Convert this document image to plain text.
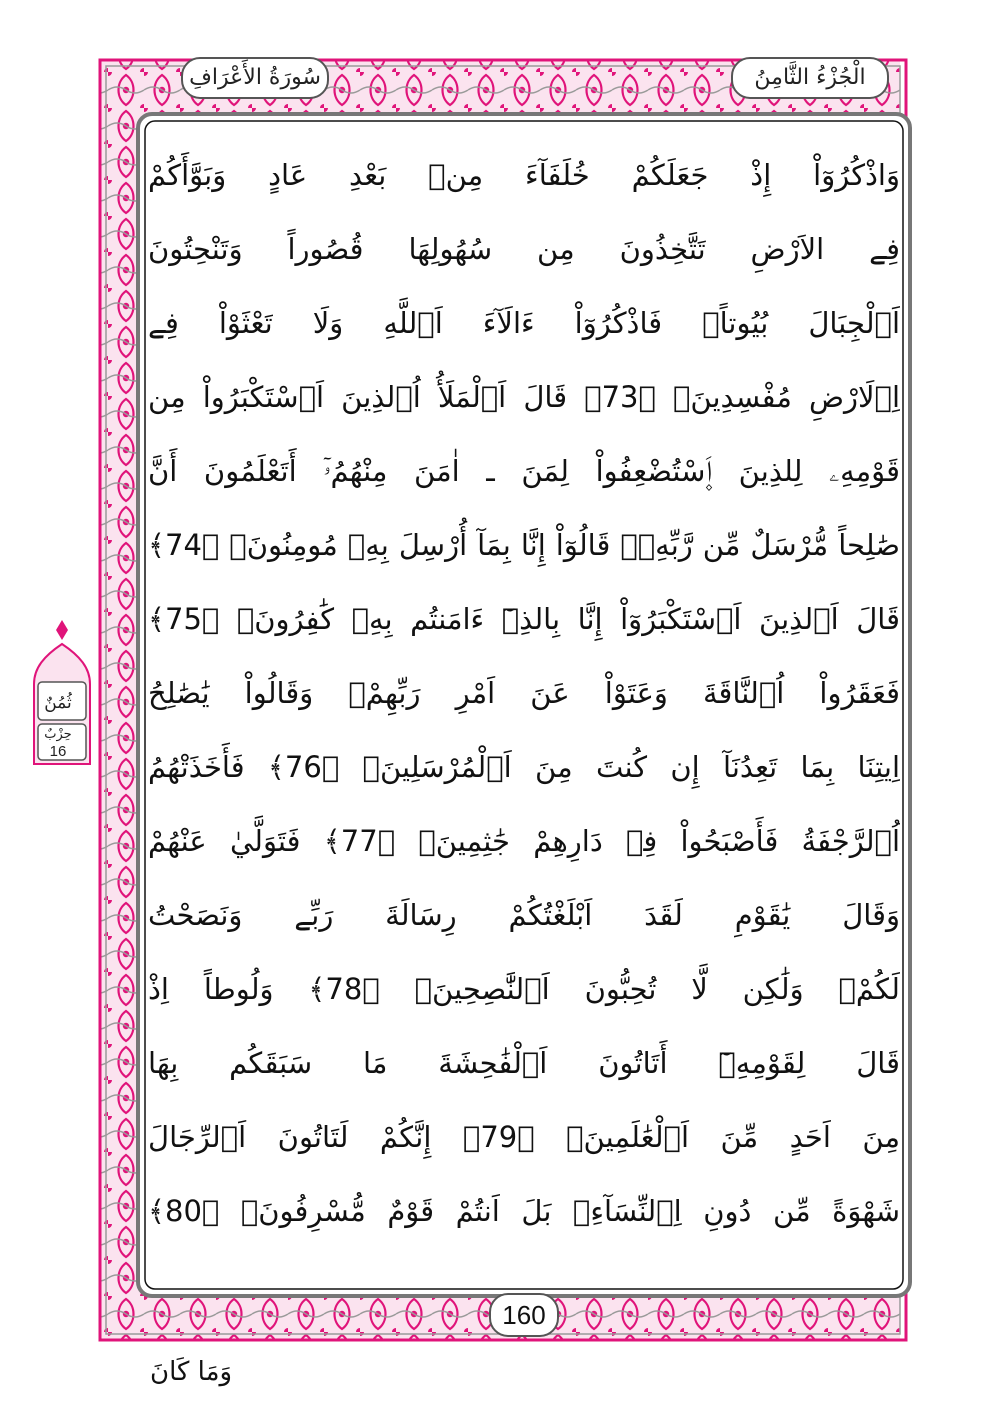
الْجُزْءُ الثَّامِنُ
سُورَةُ الأَعْرَافِ
وَاذْكُرُوٓاْ إِذْ جَعَلَكُمْ خُلَفَآءَ مِنۢ بَعْدِ عَادٍ وَبَوَّأَكُمْ
فِے الاَرْضِ تَتَّخِذُونَ مِن سُهُولِهَا قُصُوراً وَتَنْحِتُونَ
اَ۬لْجِبَالَ بُيُوتاًۖ فَاذْكُرُوٓاْ ءَالَآءَ اَ۬للَّهِ وَلَا تَعْثَوْاْ فِے
اِ۬لَارْضِ مُفْسِدِينَۖ ﴿73﴾ قَالَ اَ۬لْمَلَأُ اُ۬لذِينَ اَ۪سْتَكْبَرُواْ مِن
قَوْمِهِۦ لِلذِينَ اَ۪سْتُضْعِفُواْ لِمَنَ ـ اٰمَنَ مِنْهُمُۥٓ أَتَعْلَمُونَ أَنَّ
صَٰلِحاً مُّرْسَلٌ مِّن رَّبِّهِۦۖ قَالُوٓاْ إِنَّا بِمَآ أُرْسِلَ بِهِۦ مُومِنُونَۖ ﴿74﴾
قَالَ اَ۬لذِينَ اَ۪سْتَكْبَرُوٓاْ إِنَّا بِالذِےٓ ءَامَنتُم بِهِۦ كَٰفِرُونَۖ ﴿75﴾
فَعَقَرُواْ اُ۬لنَّاقَةَ وَعَتَوْاْ عَنَ اَمْرِ رَبِّهِمْۖ وَقَالُواْ يَٰصَٰلِحُ
اِيتِنَا بِمَا تَعِدُنَآ إِن كُنتَ مِنَ اَ۬لْمُرْسَلِينَۖ ﴿76﴾ فَأَخَذَتْهُمُ
اُ۬لرَّجْفَةُ فَأَصْبَحُواْ فِے دَارِهِمْ جَٰثِمِينَۖ ﴿77﴾ فَتَوَلَّيٰ عَنْهُمْ
وَقَالَ يَٰقَوْمِ لَقَدَ اَبْلَغْتُكُمْ رِسَالَةَ رَبِّے وَنَصَحْتُ
لَكُمْۖ وَلَٰكِن لَّا تُحِبُّونَ اَ۬لنَّٰصِحِينَۖ ﴿78﴾ وَلُوطاً اِذْ
قَالَ لِقَوْمِهِۦٓ أَتَاتُونَ اَ۬لْفَٰحِشَةَ مَا سَبَقَكُم بِهَا
مِنَ اَحَدٍ مِّنَ اَ۬لْعَٰلَمِينَۖ ﴿79﴾ إِنَّكُمْ لَتَاتُونَ اَ۬لرِّجَالَ
شَهْوَةً مِّن دُونِ اِ۬لنِّسَآءِۖ بَلَ اَنتُمْ قَوْمٌ مُّسْرِفُونَۖ ﴿80﴾
ثُمُنٌ
حِزْبٌ
16
160
وَمَا كَانَ
